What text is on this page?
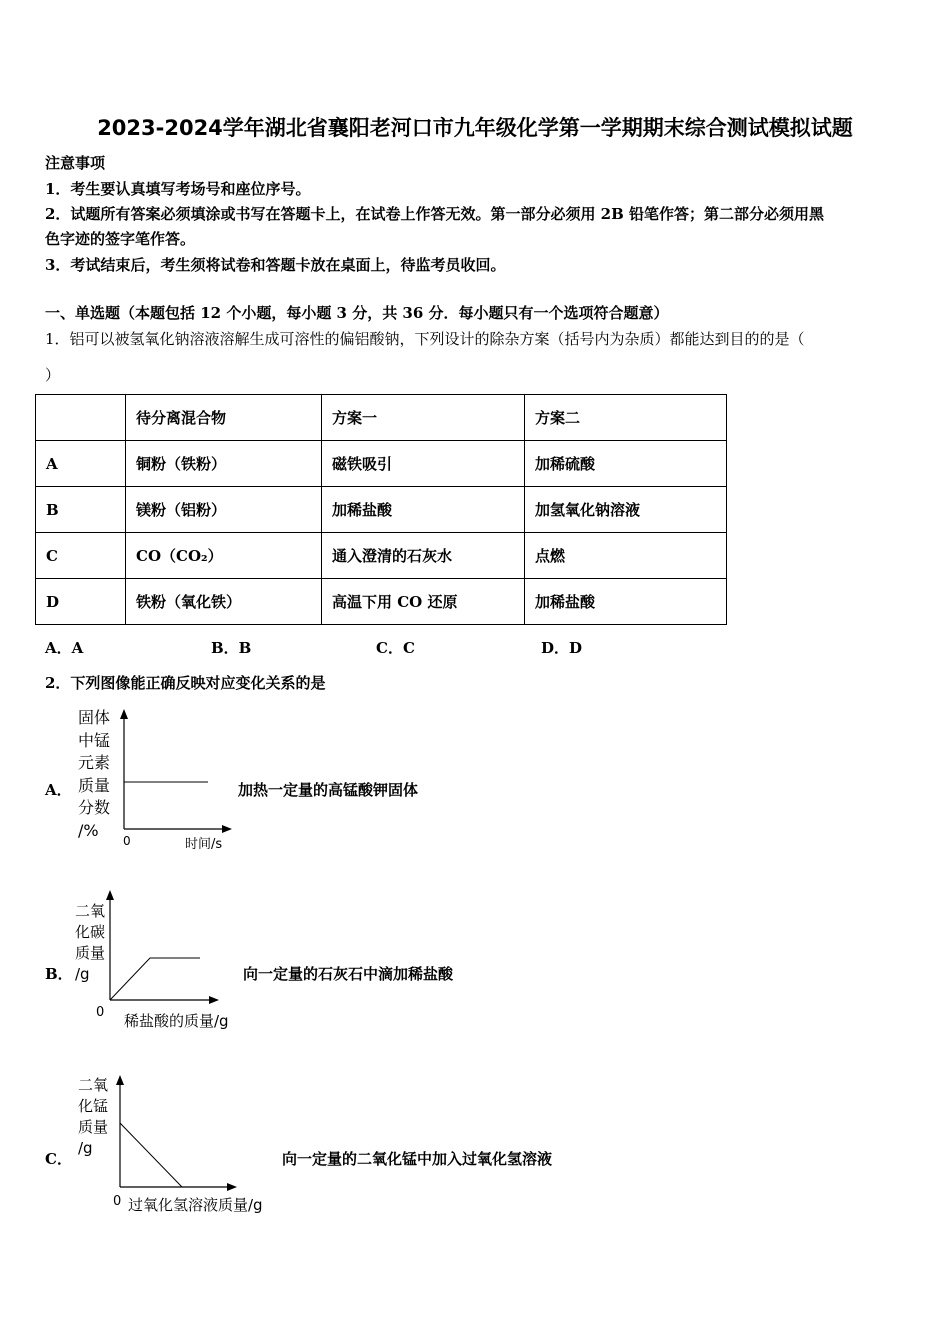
2023-2024学年湖北省襄阳老河口市九年级化学第一学期期末综合测试模拟试题
注意事项
1．考生要认真填写考场号和座位序号。
2．试题所有答案必须填涂或书写在答题卡上，在试卷上作答无效。第一部分必须用 2B 铅笔作答；第二部分必须用黑
色字迹的签字笔作答。
3．考试结束后，考生须将试卷和答题卡放在桌面上，待监考员收回。
一、单选题（本题包括 12 个小题，每小题 3 分，共 36 分．每小题只有一个选项符合题意）
1．铝可以被氢氧化钠溶液溶解生成可溶性的偏铝酸钠，下列设计的除杂方案（括号内为杂质）都能达到目的的是（
）
	待分离混合物	方案一	方案二
A	铜粉（铁粉）	磁铁吸引	加稀硫酸
B	镁粉（铝粉）	加稀盐酸	加氢氧化钠溶液
C	CO（CO₂）	通入澄清的石灰水	点燃
D	铁粉（氧化铁）	高温下用 CO 还原	加稀盐酸
A．A	B．B	C．C	D．D
2．下列图像能正确反映对应变化关系的是
A．
固体
中锰
元素
质量
分数
/%
0	时间/s
加热一定量的高锰酸钾固体
B．
二氧
化碳
质量
/g
0 稀盐酸的质量/g
向一定量的石灰石中滴加稀盐酸
C．
二氧
化锰
质量
/g
0 过氧化氢溶液质量/g
向一定量的二氧化锰中加入过氧化氢溶液
